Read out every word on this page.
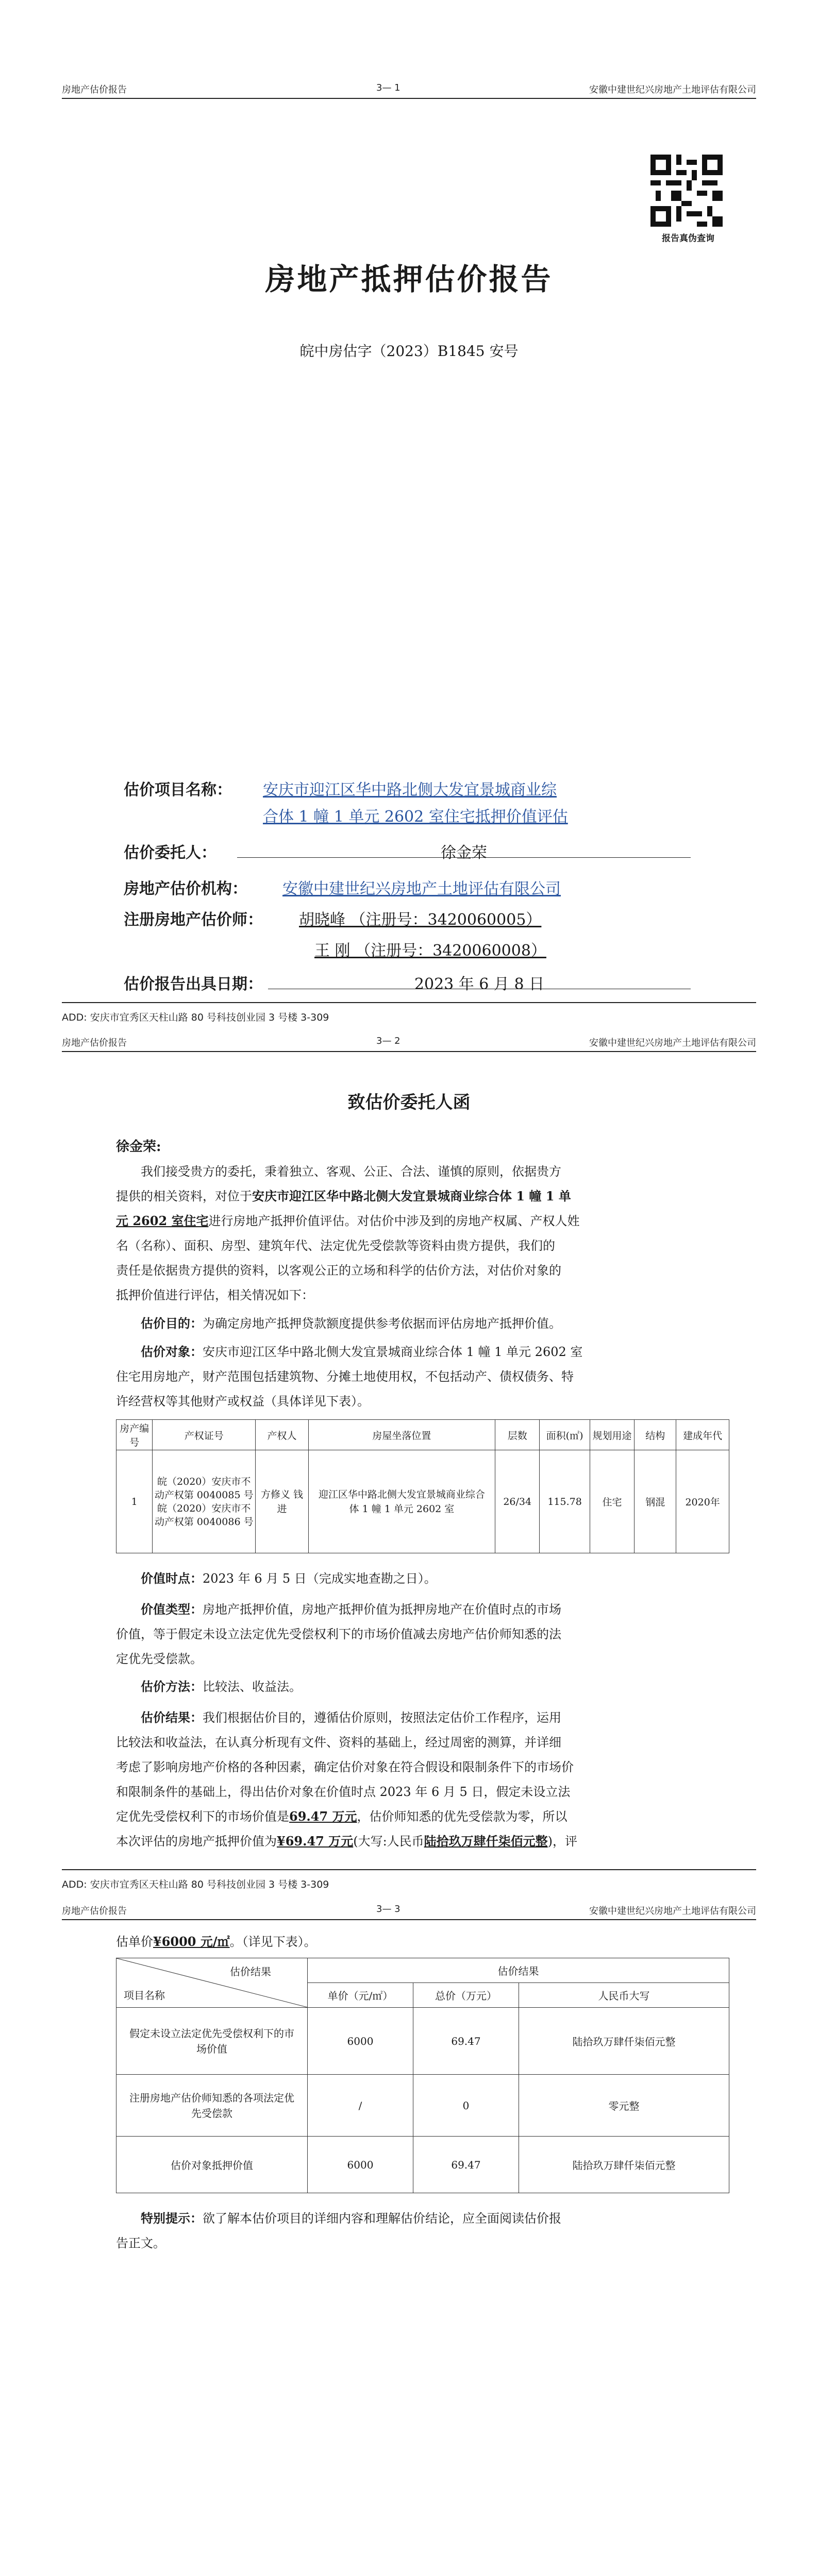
房地产估价报告	3— 1	安徽中建世纪兴房地产土地评估有限公司
报告真伪查询
房地产抵押估价报告
皖中房估字（2023）B1845 安号
估价项目名称： 安庆市迎江区华中路北侧大发宜景城商业综
合体 1 幢 1 单元 2602 室住宅抵押价值评估
估价委托人：	徐金荣
房地产估价机构： 安徽中建世纪兴房地产土地评估有限公司
注册房地产估价师： 胡晓峰 （注册号：3420060005）
王 刚 （注册号：3420060008）
估价报告出具日期：	2023 年 6 月 8 日
ADD: 安庆市宜秀区天柱山路 80 号科技创业园 3 号楼 3-309
房地产估价报告	3— 2	安徽中建世纪兴房地产土地评估有限公司
致估价委托人函
徐金荣:
我们接受贵方的委托，秉着独立、客观、公正、合法、谨慎的原则，依据贵方
提供的相关资料，对位于安庆市迎江区华中路北侧大发宜景城商业综合体 1 幢 1 单
元 2602 室住宅进行房地产抵押价值评估。对估价中涉及到的房地产权属、产权人姓
名（名称）、面积、房型、建筑年代、法定优先受偿款等资料由贵方提供，我们的
责任是依据贵方提供的资料，以客观公正的立场和科学的估价方法，对估价对象的
抵押价值进行评估，相关情况如下：
估价目的：为确定房地产抵押贷款额度提供参考依据而评估房地产抵押价值。
估价对象：安庆市迎江区华中路北侧大发宜景城商业综合体 1 幢 1 单元 2602 室
住宅用房地产，财产范围包括建筑物、分摊土地使用权，不包括动产、债权债务、特
许经营权等其他财产或权益（具体详见下表）。
房产编号	产权证号	产权人	房屋坐落位置	层数	面积(㎡)	规划用途	结构	建成年代
1	皖（2020）安庆市不动产权第 0040085 号
皖（2020）安庆市不动产权第 0040086 号	方修义 钱 进	迎江区华中路北侧大发宜景城商业综合体 1 幢 1 单元 2602 室	26/34	115.78	住宅	钢混	2020年
价值时点：2023 年 6 月 5 日（完成实地查勘之日）。
价值类型：房地产抵押价值，房地产抵押价值为抵押房地产在价值时点的市场
价值，等于假定未设立法定优先受偿权利下的市场价值减去房地产估价师知悉的法
定优先受偿款。
估价方法：比较法、收益法。
估价结果：我们根据估价目的，遵循估价原则，按照法定估价工作程序，运用
比较法和收益法，在认真分析现有文件、资料的基础上，经过周密的测算，并详细
考虑了影响房地产价格的各种因素，确定估价对象在符合假设和限制条件下的市场价
和限制条件的基础上，得出估价对象在价值时点 2023 年 6 月 5 日，假定未设立法
定优先受偿权利下的市场价值是69.47 万元，估价师知悉的优先受偿款为零，所以
本次评估的房地产抵押价值为¥69.47 万元(大写:人民币陆拾玖万肆仟柒佰元整)，评
ADD: 安庆市宜秀区天柱山路 80 号科技创业园 3 号楼 3-309
房地产估价报告	3— 3	安徽中建世纪兴房地产土地评估有限公司
估单价¥6000 元/㎡。（详见下表）。
估价结果
项目名称	估价结果		
	单价（元/㎡）	总价（万元）	人民币大写
假定未设立法定优先受偿权利下的市场价值	6000	69.47	陆拾玖万肆仟柒佰元整
注册房地产估价师知悉的各项法定优先受偿款	/	0	零元整
估价对象抵押价值	6000	69.47	陆拾玖万肆仟柒佰元整
特别提示：欲了解本估价项目的详细内容和理解估价结论，应全面阅读估价报
告正文。
